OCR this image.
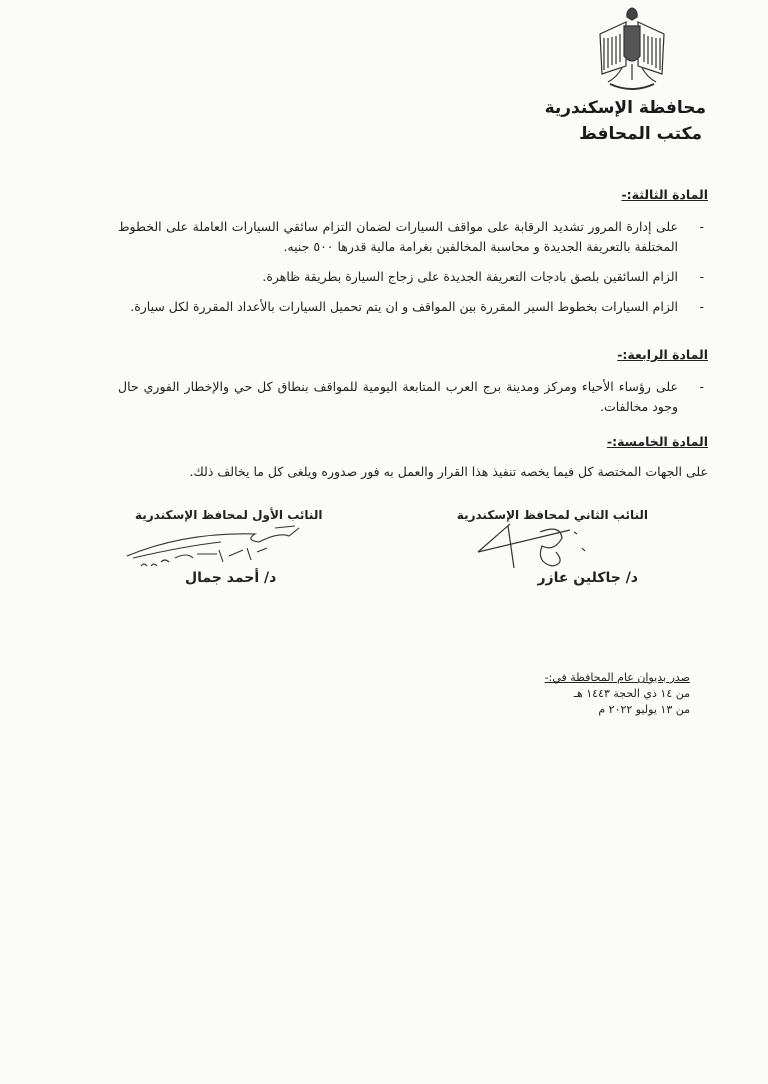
محافظة الإسكندرية
مكتب المحافظ

المادة الثالثة:-

-
على إدارة المرور تشديد الرقابة على مواقف السيارات لضمان التزام سائقي السيارات العاملة على الخطوط المختلفة بالتعريفة الجديدة و محاسبة المخالفين بغرامة مالية قدرها ٥٠٠ جنيه.

-
الزام السائقين بلصق بادجات التعريفة الجديدة على زجاج السيارة بطريقة ظاهرة.

-
الزام السيارات بخطوط السير المقررة بين المواقف و ان يتم تحميل السيارات بالأعداد المقررة لكل سيارة.

المادة الرابعة:-

-
على رؤساء الأحياء ومركز ومدينة برج العرب المتابعة اليومية للمواقف بنطاق كل حي والإخطار الفوري حال وجود مخالفات.

المادة الخامسة:-

على الجهات المختصة كل فيما يخصه تنفيذ هذا القرار والعمل به فور صدوره ويلغى كل ما يخالف ذلك.

النائب الثاني لمحافظ الإسكندرية
د/ جاكلين عازر
النائب الأول لمحافظ الإسكندرية
د/ أحمد جمال
صدر بديوان عام المحافظة في:-
من ١٤ ذي الحجة ١٤٤٣ هـ
من ١٣ يوليو ٢٠٢٢ م
